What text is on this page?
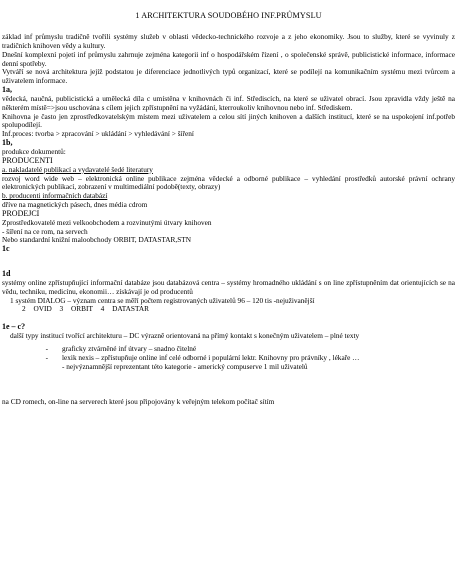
1 ARCHITEKTURA SOUDOBÉHO INF.PRŮMYSLU

základ inf průmyslu tradičně tvořili systémy služeb v oblasti vědecko-technického rozvoje a z jeho ekonomiky. Jsou to služby, které se vyvinuly z tradičních knihoven vědy a kultury.

Dnešní komplexní pojetí inf průmyslu zahrnuje zejména kategorii inf o hospodářském řízení , o společenské správě, publicistické informace, informace denní spotřeby.

Vytváří se nová architektura jejíž podstatou je diferenciace jednotlivých typů organizací, které se podílejí na komunikačním systému mezi tvůrcem a uživatelem informace.

1a,

vědecká, naučná, publicistická a umělecká díla c umístěna v knihovnách či inf. Střediscích, na které se uživatel obrací. Jsou zpravidla vždy ještě na některém místě=>jsou uschována s cílem jejich zpřístupnění na vyžádání, kterroukoliv knihovnou nebo inf. Střediskem.

Knihovna je často jen zprostředkovatelským místem mezi uživatelem a celou sítí jiných knihoven a dalších institucí, které se na uspokojení inf.potřeb spolupodílejí.

Inf.proces: tvorba > zpracování > ukládání > vyhledávání > šíření

1b,

produkce dokumentů:

PRODUCENTI

a. nakladatelé publikací a vydavatelé šedé literatury

rozvoj word wide web – elektronická online publikace zejména vědecké a odborné publikace – vyhledání prostředků autorské právní ochrany elektronických publikací, zobrazení v multimediální podobě(texty, obrazy)

b. producenti informačních databází

dříve na magnetických pásech, dnes média cdrom

PRODEJCI

Zprostředkovatelé mezi velkoobchodem a rozvinutými útvary knihoven

- šíření na ce rom, na servech

Nebo standardní knižní maloobchody ORBIT, DATASTAR,STN

1c

1d

systémy online zpřístupňující informační databáze jsou databázová centra – systémy hromadného ukládání s on line zpřístupněním dat orientujících se na vědu, techniku, medicínu, ekonomii… získávají je od producentů

1 systém DIALOG – význam centra se měří počtem registrovaných uživatelů 96 – 120 tis -nejuživanější

2 OVID 3 ORBIT 4 DATASTAR

1e – c?

další typy institucí tvořící architekturu – DC výrazně orientovaná na přímý kontakt s konečným uživatelem – plné texty

-	graficky ztvárněné inf útvary – snadno čitelné
-	lexik nexis – zpřístupňuje online inf celé odborné i populární lektr. Knihovny pro právníky , lékaře …
- nejvýznamnější reprezentant této kategorie - americký compuserve 1 mil uživatelů

na CD romech, on-line na serverech které jsou připojovány k veřejným telekom počítač sítím
